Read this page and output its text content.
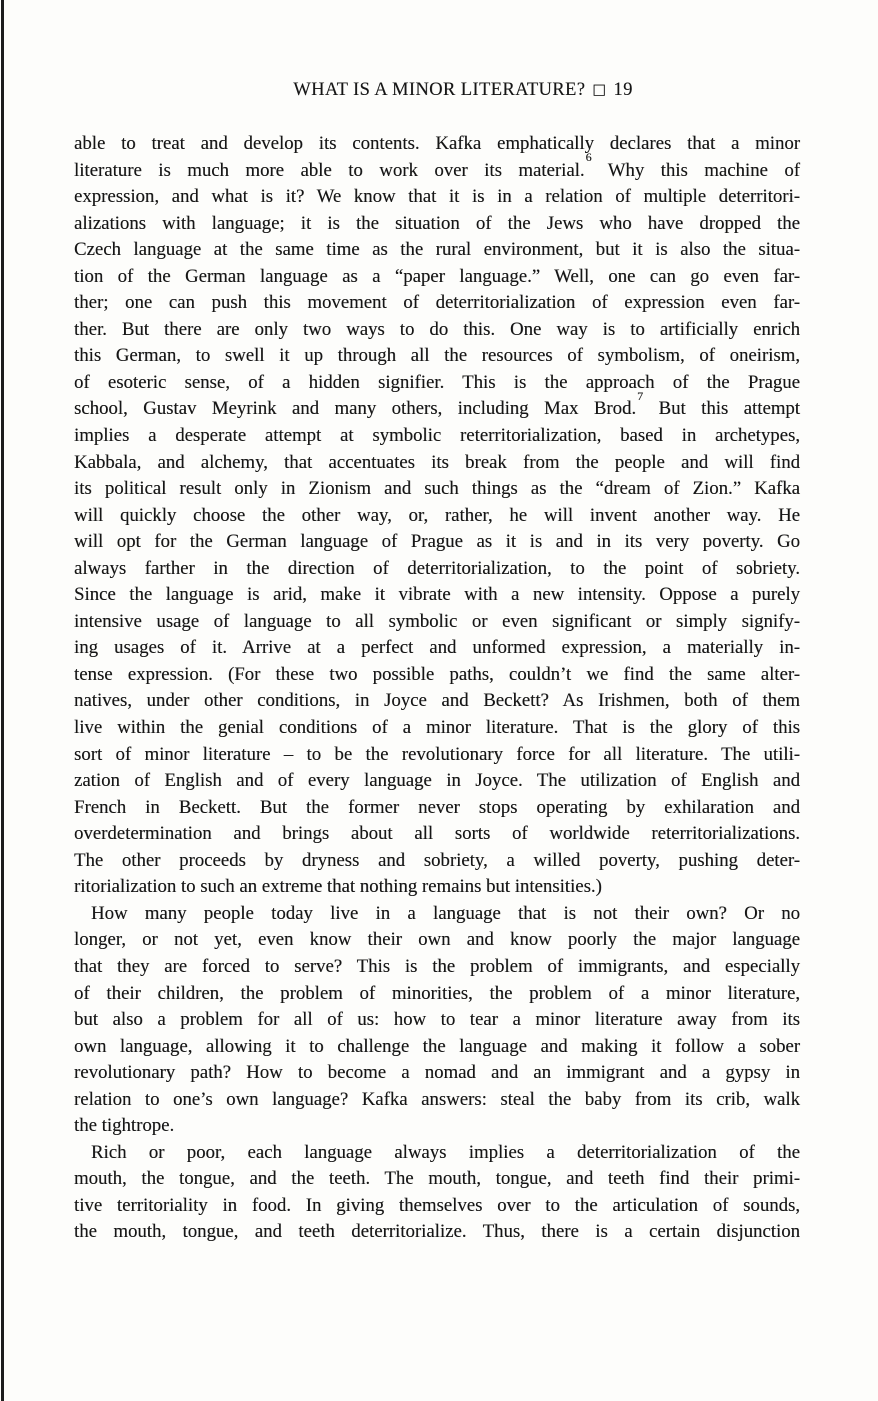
WHAT IS A MINOR LITERATURE? □ 19
able to treat and develop its contents. Kafka emphatically declares that a minor
literature is much more able to work over its material.$^6$ Why this machine of
expression, and what is it? We know that it is in a relation of multiple deterritori-
alizations with language; it is the situation of the Jews who have dropped the
Czech language at the same time as the rural environment, but it is also the situa-
tion of the German language as a “paper language.” Well, one can go even far-
ther; one can push this movement of deterritorialization of expression even far-
ther. But there are only two ways to do this. One way is to artificially enrich
this German, to swell it up through all the resources of symbolism, of oneirism,
of esoteric sense, of a hidden signifier. This is the approach of the Prague
school, Gustav Meyrink and many others, including Max Brod.$^7$ But this attempt
implies a desperate attempt at symbolic reterritorialization, based in archetypes,
Kabbala, and alchemy, that accentuates its break from the people and will find
its political result only in Zionism and such things as the “dream of Zion.” Kafka
will quickly choose the other way, or, rather, he will invent another way. He
will opt for the German language of Prague as it is and in its very poverty. Go
always farther in the direction of deterritorialization, to the point of sobriety.
Since the language is arid, make it vibrate with a new intensity. Oppose a purely
intensive usage of language to all symbolic or even significant or simply signify-
ing usages of it. Arrive at a perfect and unformed expression, a materially in-
tense expression. (For these two possible paths, couldn’t we find the same alter-
natives, under other conditions, in Joyce and Beckett? As Irishmen, both of them
live within the genial conditions of a minor literature. That is the glory of this
sort of minor literature – to be the revolutionary force for all literature. The utili-
zation of English and of every language in Joyce. The utilization of English and
French in Beckett. But the former never stops operating by exhilaration and
overdetermination and brings about all sorts of worldwide reterritorializations.
The other proceeds by dryness and sobriety, a willed poverty, pushing deter-
ritorialization to such an extreme that nothing remains but intensities.)
How many people today live in a language that is not their own? Or no
longer, or not yet, even know their own and know poorly the major language
that they are forced to serve? This is the problem of immigrants, and especially
of their children, the problem of minorities, the problem of a minor literature,
but also a problem for all of us: how to tear a minor literature away from its
own language, allowing it to challenge the language and making it follow a sober
revolutionary path? How to become a nomad and an immigrant and a gypsy in
relation to one’s own language? Kafka answers: steal the baby from its crib, walk
the tightrope.
Rich or poor, each language always implies a deterritorialization of the
mouth, the tongue, and the teeth. The mouth, tongue, and teeth find their primi-
tive territoriality in food. In giving themselves over to the articulation of sounds,
the mouth, tongue, and teeth deterritorialize. Thus, there is a certain disjunction
